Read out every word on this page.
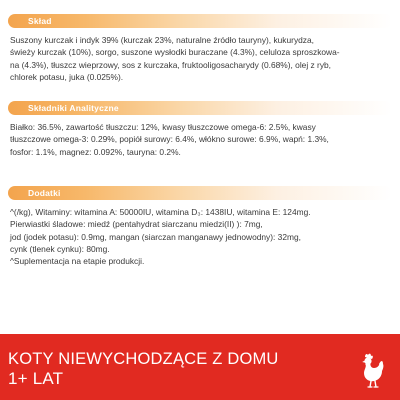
Skład

Suszony kurczak i indyk 39% (kurczak 23%, naturalne źródło tauryny), kukurydza,

świeży kurczak (10%), sorgo, suszone wysłodki buraczane (4.3%), celuloza sproszkowa-

na (4.3%), tłuszcz wieprzowy, sos z kurczaka, fruktooligosacharydy (0.68%), olej z ryb,

chlorek potasu, juka (0.025%).

Składniki Analityczne

Białko: 36.5%, zawartość tłuszczu: 12%, kwasy tłuszczowe omega-6: 2.5%, kwasy

tłuszczowe omega-3: 0.29%, popiół surowy: 6.4%, włókno surowe: 6.9%, wapń: 1.3%,

fosfor: 1.1%, magnez: 0.092%, tauryna: 0.2%.

Dodatki

^(/kg), Witaminy: witamina A: 50000IU, witamina D₃: 1438IU, witamina E: 124mg.

Pierwiastki śladowe: miedź (pentahydrat siarczanu miedzi(II) ): 7mg,

jod (jodek potasu): 0.9mg, mangan (siarczan manganawy jednowodny): 32mg,

cynk (tlenek cynku): 80mg.

^Suplementacja na etapie produkcji.

KOTY NIEWYCHODZĄCE Z DOMU
1+ LAT
